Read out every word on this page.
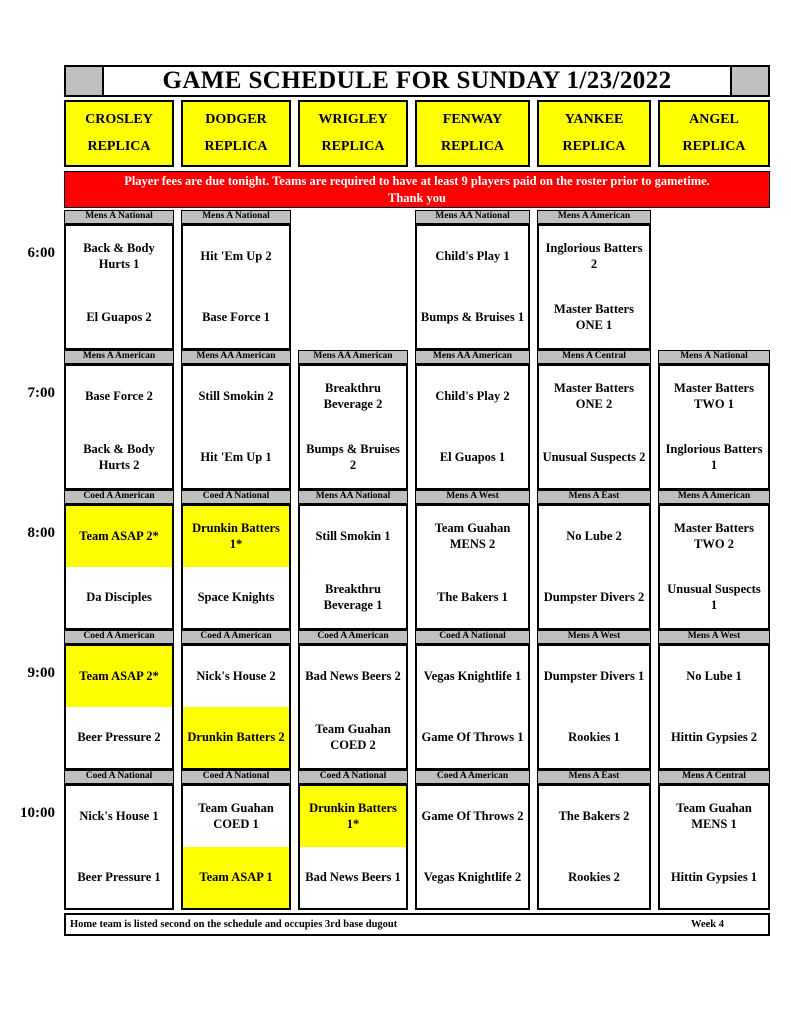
GAME SCHEDULE FOR SUNDAY 1/23/2022
CROSLEY
REPLICA
DODGER
REPLICA
WRIGLEY
REPLICA
FENWAY
REPLICA
YANKEE
REPLICA
ANGEL
REPLICA
Player fees are due tonight. Teams are required to have at least 9 players paid on the roster prior to gametime.
Thank you
6:00
Mens A National
Back & Body Hurts 1
El Guapos 2
Mens A National
Hit 'Em Up 2
Base Force 1
Mens AA National
Child's Play 1
Bumps & Bruises 1
Mens A American
Inglorious Batters 2
Master Batters ONE 1
7:00
Mens A American
Base Force 2
Back & Body Hurts 2
Mens AA American
Still Smokin 2
Hit 'Em Up 1
Mens AA American
Breakthru Beverage 2
Bumps & Bruises 2
Mens AA American
Child's Play 2
El Guapos 1
Mens A Central
Master Batters ONE 2
Unusual Suspects 2
Mens A National
Master Batters TWO 1
Inglorious Batters 1
8:00
Coed A American
Team ASAP 2*
Da Disciples
Coed A National
Drunkin Batters 1*
Space Knights
Mens AA National
Still Smokin 1
Breakthru Beverage 1
Mens A West
Team Guahan MENS 2
The Bakers 1
Mens A East
No Lube 2
Dumpster Divers 2
Mens A American
Master Batters TWO 2
Unusual Suspects 1
9:00
Coed A American
Team ASAP 2*
Beer Pressure 2
Coed A American
Nick's House 2
Drunkin Batters 2
Coed A American
Bad News Beers 2
Team Guahan COED 2
Coed A National
Vegas Knightlife 1
Game Of Throws 1
Mens A West
Dumpster Divers 1
Rookies 1
Mens A West
No Lube 1
Hittin Gypsies 2
10:00
Coed A National
Nick's House 1
Beer Pressure 1
Coed A National
Team Guahan COED 1
Team ASAP 1
Coed A National
Drunkin Batters 1*
Bad News Beers 1
Coed A American
Game Of Throws 2
Vegas Knightlife 2
Mens A East
The Bakers 2
Rookies 2
Mens A Central
Team Guahan MENS 1
Hittin Gypsies 1
Home team is listed second on the schedule and occupies 3rd base dugout	Week 4
